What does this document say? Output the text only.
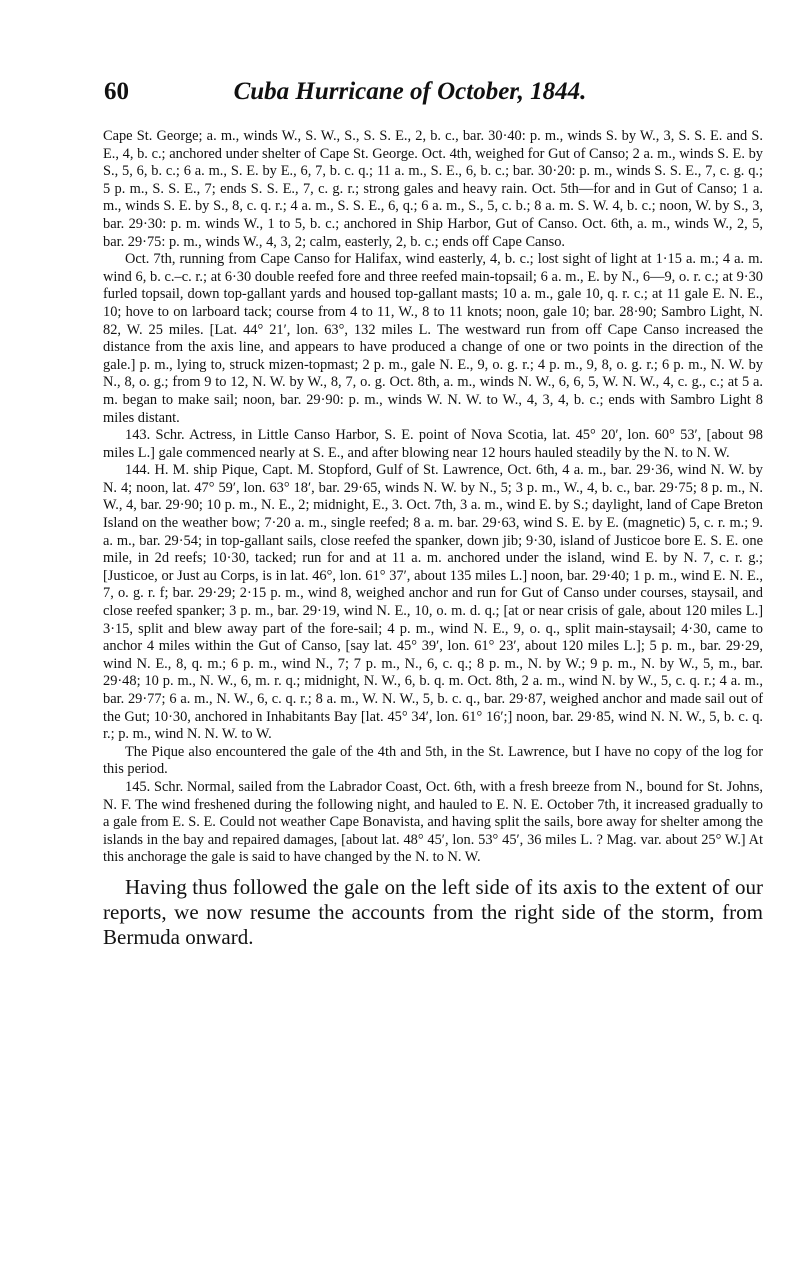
60	Cuba Hurricane of October, 1844.

Cape St. George; a. m., winds W., S. W., S., S. S. E., 2, b. c., bar. 30·40: p. m., winds S. by W., 3, S. S. E. and S. E., 4, b. c.; anchored under shelter of Cape St. George. Oct. 4th, weighed for Gut of Canso; 2 a. m., winds S. E. by S., 5, 6, b. c.; 6 a. m., S. E. by E., 6, 7, b. c. q.; 11 a. m., S. E., 6, b. c.; bar. 30·20: p. m., winds S. S. E., 7, c. g. q.; 5 p. m., S. S. E., 7; ends S. S. E., 7, c. g. r.; strong gales and heavy rain. Oct. 5th—for and in Gut of Canso; 1 a. m., winds S. E. by S., 8, c. q. r.; 4 a. m., S. S. E., 6, q.; 6 a. m., S., 5, c. b.; 8 a. m. S. W. 4, b. c.; noon, W. by S., 3, bar. 29·30: p. m. winds W., 1 to 5, b. c.; anchored in Ship Harbor, Gut of Canso. Oct. 6th, a. m., winds W., 2, 5, bar. 29·75: p. m., winds W., 4, 3, 2; calm, easterly, 2, b. c.; ends off Cape Canso.

Oct. 7th, running from Cape Canso for Halifax, wind easterly, 4, b. c.; lost sight of light at 1·15 a. m.; 4 a. m. wind 6, b. c.–c. r.; at 6·30 double reefed fore and three reefed main-topsail; 6 a. m., E. by N., 6—9, o. r. c.; at 9·30 furled topsail, down top-gallant yards and housed top-gallant masts; 10 a. m., gale 10, q. r. c.; at 11 gale E. N. E., 10; hove to on larboard tack; course from 4 to 11, W., 8 to 11 knots; noon, gale 10; bar. 28·90; Sambro Light, N. 82, W. 25 miles. [Lat. 44° 21′, lon. 63°, 132 miles L. The westward run from off Cape Canso increased the distance from the axis line, and appears to have produced a change of one or two points in the direction of the gale.] p. m., lying to, struck mizen-topmast; 2 p. m., gale N. E., 9, o. g. r.; 4 p. m., 9, 8, o. g. r.; 6 p. m., N. W. by N., 8, o. g.; from 9 to 12, N. W. by W., 8, 7, o. g. Oct. 8th, a. m., winds N. W., 6, 6, 5, W. N. W., 4, c. g., c.; at 5 a. m. began to make sail; noon, bar. 29·90: p. m., winds W. N. W. to W., 4, 3, 4, b. c.; ends with Sambro Light 8 miles distant.

143. Schr. Actress, in Little Canso Harbor, S. E. point of Nova Scotia, lat. 45° 20′, lon. 60° 53′, [about 98 miles L.] gale commenced nearly at S. E., and after blowing near 12 hours hauled steadily by the N. to N. W.

144. H. M. ship Pique, Capt. M. Stopford, Gulf of St. Lawrence, Oct. 6th, 4 a. m., bar. 29·36, wind N. W. by N. 4; noon, lat. 47° 59′, lon. 63° 18′, bar. 29·65, winds N. W. by N., 5; 3 p. m., W., 4, b. c., bar. 29·75; 8 p. m., N. W., 4, bar. 29·90; 10 p. m., N. E., 2; midnight, E., 3. Oct. 7th, 3 a. m., wind E. by S.; daylight, land of Cape Breton Island on the weather bow; 7·20 a. m., single reefed; 8 a. m. bar. 29·63, wind S. E. by E. (magnetic) 5, c. r. m.; 9. a. m., bar. 29·54; in top-gallant sails, close reefed the spanker, down jib; 9·30, island of Justicoe bore E. S. E. one mile, in 2d reefs; 10·30, tacked; run for and at 11 a. m. anchored under the island, wind E. by N. 7, c. r. g.; [Justicoe, or Just au Corps, is in lat. 46°, lon. 61° 37′, about 135 miles L.] noon, bar. 29·40; 1 p. m., wind E. N. E., 7, o. g. r. f; bar. 29·29; 2·15 p. m., wind 8, weighed anchor and run for Gut of Canso under courses, staysail, and close reefed spanker; 3 p. m., bar. 29·19, wind N. E., 10, o. m. d. q.; [at or near crisis of gale, about 120 miles L.] 3·15, split and blew away part of the fore-sail; 4 p. m., wind N. E., 9, o. q., split main-staysail; 4·30, came to anchor 4 miles within the Gut of Canso, [say lat. 45° 39′, lon. 61° 23′, about 120 miles L.]; 5 p. m., bar. 29·29, wind N. E., 8, q. m.; 6 p. m., wind N., 7; 7 p. m., N., 6, c. q.; 8 p. m., N. by W.; 9 p. m., N. by W., 5, m., bar. 29·48; 10 p. m., N. W., 6, m. r. q.; midnight, N. W., 6, b. q. m. Oct. 8th, 2 a. m., wind N. by W., 5, c. q. r.; 4 a. m., bar. 29·77; 6 a. m., N. W., 6, c. q. r.; 8 a. m., W. N. W., 5, b. c. q., bar. 29·87, weighed anchor and made sail out of the Gut; 10·30, anchored in Inhabitants Bay [lat. 45° 34′, lon. 61° 16′;] noon, bar. 29·85, wind N. N. W., 5, b. c. q. r.; p. m., wind N. N. W. to W.

The Pique also encountered the gale of the 4th and 5th, in the St. Lawrence, but I have no copy of the log for this period.

145. Schr. Normal, sailed from the Labrador Coast, Oct. 6th, with a fresh breeze from N., bound for St. Johns, N. F. The wind freshened during the following night, and hauled to E. N. E. October 7th, it increased gradually to a gale from E. S. E. Could not weather Cape Bonavista, and having split the sails, bore away for shelter among the islands in the bay and repaired damages, [about lat. 48° 45′, lon. 53° 45′, 36 miles L. ? Mag. var. about 25° W.] At this anchorage the gale is said to have changed by the N. to N. W.

Having thus followed the gale on the left side of its axis to the extent of our reports, we now resume the accounts from the right side of the storm, from Bermuda onward.
